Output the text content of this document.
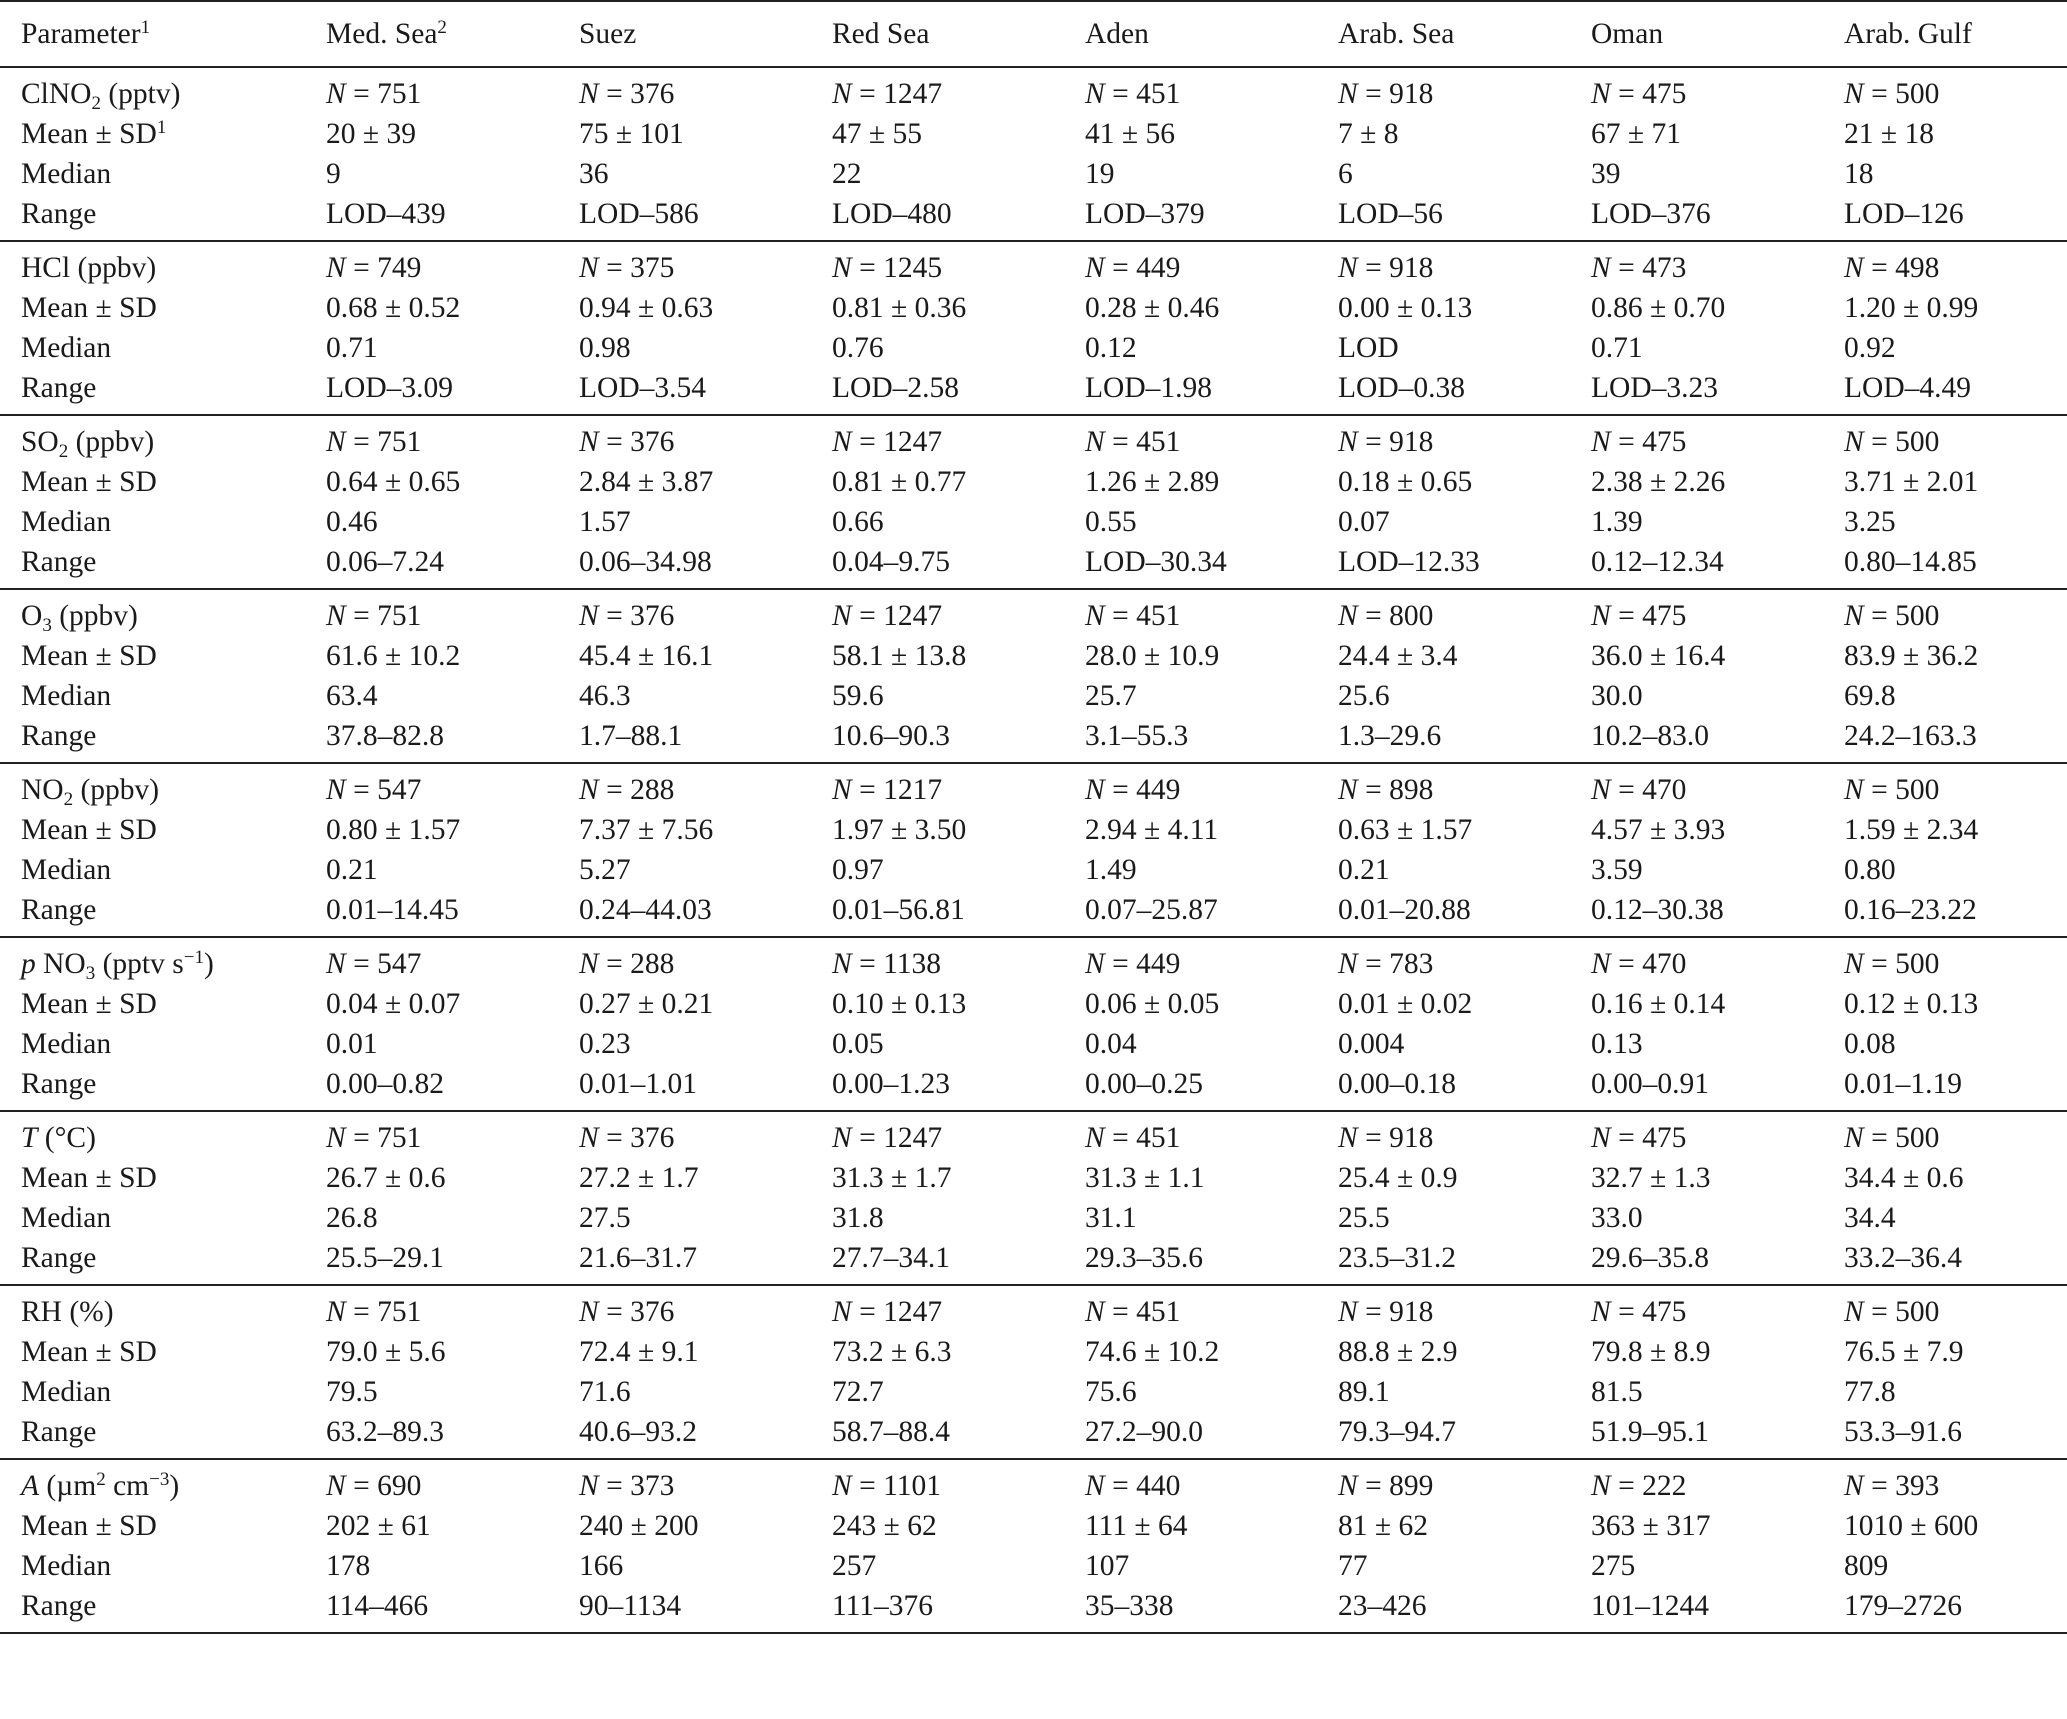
Parameter$^1$	Med. Sea$^2$	Suez	Red Sea	Aden	Arab. Sea	Oman	Arab. Gulf
ClNO$_2$ (pptv)	N = 751	N = 376	N = 1247	N = 451	N = 918	N = 475	N = 500
Mean ± $SD^1$	20 ± 39	75 ± 101	47 ± 55	41 ± 56	7 ± 8	67 ± 71	21 ± 18
Median	9	36	22	19	6	39	18
Range	LOD–439	LOD–586	LOD–480	LOD–379	LOD–56	LOD–376	LOD–126
HCl (ppbv)	N = 749	N = 375	N = 1245	N = 449	N = 918	N = 473	N = 498
Mean ± SD	0.68 ± 0.52	0.94 ± 0.63	0.81 ± 0.36	0.28 ± 0.46	0.00 ± 0.13	0.86 ± 0.70	1.20 ± 0.99
Median	0.71	0.98	0.76	0.12	LOD	0.71	0.92
Range	LOD–3.09	LOD–3.54	LOD–2.58	LOD–1.98	LOD–0.38	LOD–3.23	LOD–4.49
$SO_2$ (ppbv)	N = 751	N = 376	N = 1247	N = 451	N = 918	N = 475	N = 500
Mean ± SD	0.64 ± 0.65	2.84 ± 3.87	0.81 ± 0.77	1.26 ± 2.89	0.18 ± 0.65	2.38 ± 2.26	3.71 ± 2.01
Median	0.46	1.57	0.66	0.55	0.07	1.39	3.25
Range	0.06–7.24	0.06–34.98	0.04–9.75	LOD–30.34	LOD–12.33	0.12–12.34	0.80–14.85
$O_3$ (ppbv)	N = 751	N = 376	N = 1247	N = 451	N = 800	N = 475	N = 500
Mean ± SD	61.6 ± 10.2	45.4 ± 16.1	58.1 ± 13.8	28.0 ± 10.9	24.4 ± 3.4	36.0 ± 16.4	83.9 ± 36.2
Median	63.4	46.3	59.6	25.7	25.6	30.0	69.8
Range	37.8–82.8	1.7–88.1	10.6–90.3	3.1–55.3	1.3–29.6	10.2–83.0	24.2–163.3
$NO_2$ (ppbv)	N = 547	N = 288	N = 1217	N = 449	N = 898	N = 470	N = 500
Mean ± SD	0.80 ± 1.57	7.37 ± 7.56	1.97 ± 3.50	2.94 ± 4.11	0.63 ± 1.57	4.57 ± 3.93	1.59 ± 2.34
Median	0.21	5.27	0.97	1.49	0.21	3.59	0.80
Range	0.01–14.45	0.24–44.03	0.01–56.81	0.07–25.87	0.01–20.88	0.12–30.38	0.16–23.22
p $NO_3$ (pptv $s^{-1}$)	N = 547	N = 288	N = 1138	N = 449	N = 783	N = 470	N = 500
Mean ± SD	0.04 ± 0.07	0.27 ± 0.21	0.10 ± 0.13	0.06 ± 0.05	0.01 ± 0.02	0.16 ± 0.14	0.12 ± 0.13
Median	0.01	0.23	0.05	0.04	0.004	0.13	0.08
Range	0.00–0.82	0.01–1.01	0.00–1.23	0.00–0.25	0.00–0.18	0.00–0.91	0.01–1.19
T (°C)	N = 751	N = 376	N = 1247	N = 451	N = 918	N = 475	N = 500
Mean ± SD	26.7 ± 0.6	27.2 ± 1.7	31.3 ± 1.7	31.3 ± 1.1	25.4 ± 0.9	32.7 ± 1.3	34.4 ± 0.6
Median	26.8	27.5	31.8	31.1	25.5	33.0	34.4
Range	25.5–29.1	21.6–31.7	27.7–34.1	29.3–35.6	23.5–31.2	29.6–35.8	33.2–36.4
RH (%)	N = 751	N = 376	N = 1247	N = 451	N = 918	N = 475	N = 500
Mean ± SD	79.0 ± 5.6	72.4 ± 9.1	73.2 ± 6.3	74.6 ± 10.2	88.8 ± 2.9	79.8 ± 8.9	76.5 ± 7.9
Median	79.5	71.6	72.7	75.6	89.1	81.5	77.8
Range	63.2–89.3	40.6–93.2	58.7–88.4	27.2–90.0	79.3–94.7	51.9–95.1	53.3–91.6
A (µm$^2$ $cm^{-3}$)	N = 690	N = 373	N = 1101	N = 440	N = 899	N = 222	N = 393
Mean ± SD	202 ± 61	240 ± 200	243 ± 62	111 ± 64	81 ± 62	363 ± 317	1010 ± 600
Median	178	166	257	107	77	275	809
Range	114–466	90–1134	111–376	35–338	23–426	101–1244	179–2726
